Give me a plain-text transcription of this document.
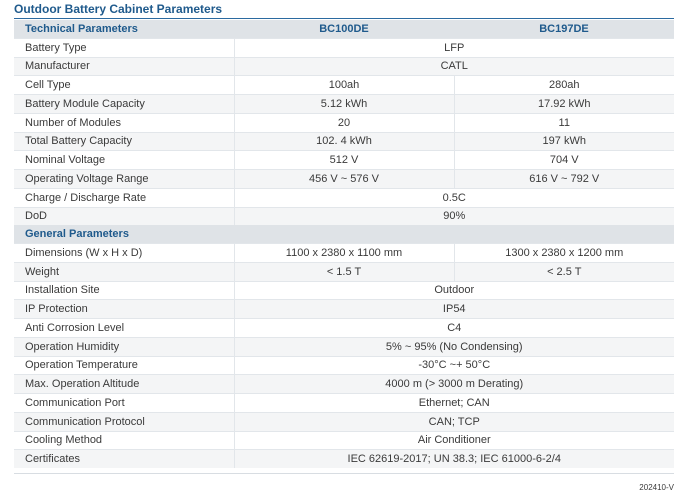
Outdoor Battery Cabinet Parameters
Technical Parameters	BC100DE	BC197DE
Battery Type	LFP	
Manufacturer	CATL	
Cell Type	100ah	280ah
Battery Module Capacity	5.12 kWh	17.92 kWh
Number of Modules	20	11
Total Battery Capacity	102. 4 kWh	197 kWh
Nominal Voltage	512 V	704 V
Operating Voltage Range	456 V ~ 576 V	616 V ~ 792 V
Charge / Discharge Rate	0.5C	
DoD	90%	
General Parameters		
Dimensions (W x H x D)	1100 x 2380 x 1100 mm	1300 x 2380 x 1200 mm
Weight	< 1.5 T	< 2.5 T
Installation Site	Outdoor	
IP Protection	IP54	
Anti Corrosion Level	C4	
Operation Humidity	5% ~ 95% (No Condensing)	
Operation Temperature	-30°C ~+ 50°C	
Max. Operation Altitude	4000 m (> 3000 m Derating)	
Communication Port	Ethernet; CAN	
Communication Protocol	CAN; TCP	
Cooling Method	Air Conditioner	
Certificates	IEC 62619-2017; UN 38.3; IEC 61000-6-2/4	
202410-V
